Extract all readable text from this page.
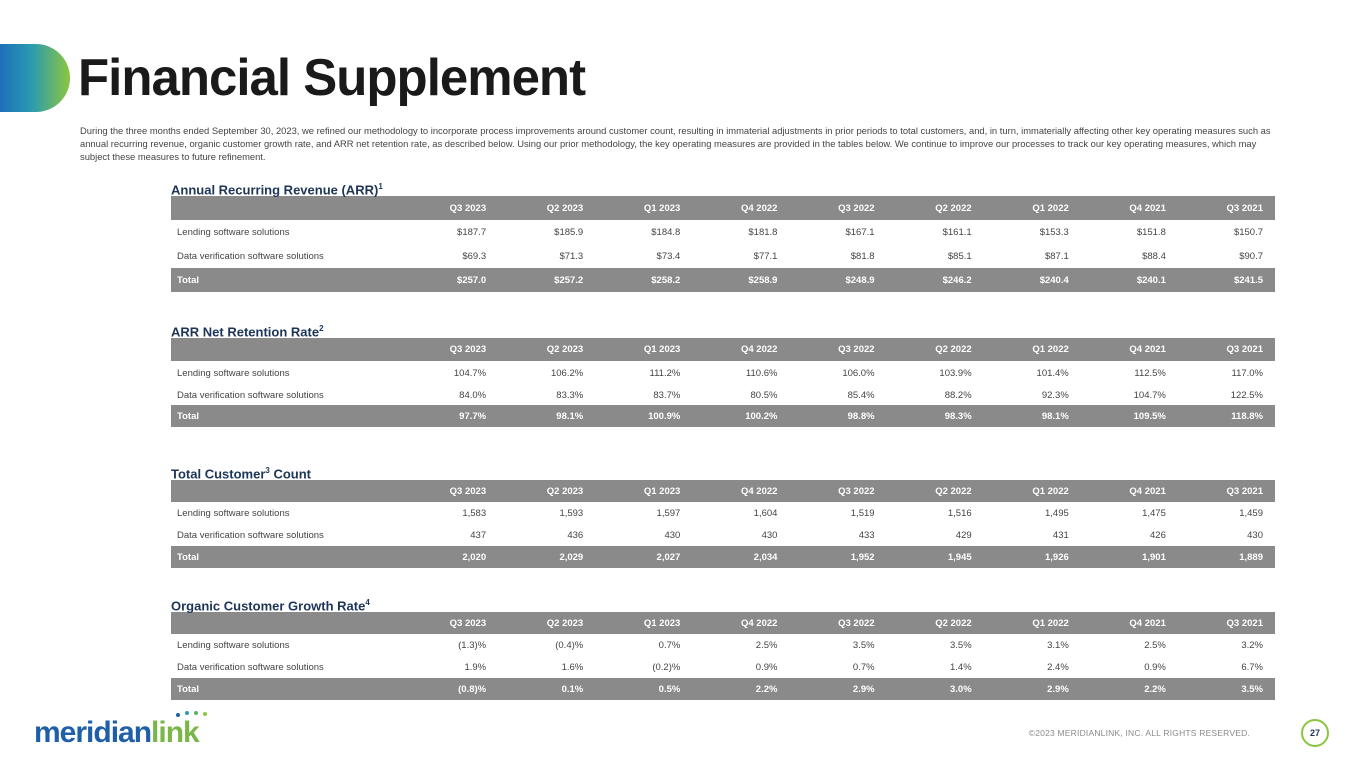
Financial Supplement
During the three months ended September 30, 2023, we refined our methodology to incorporate process improvements around customer count, resulting in immaterial adjustments in prior periods to total customers, and, in turn, immaterially affecting other key operating measures such as annual recurring revenue, organic customer growth rate, and ARR net retention rate, as described below. Using our prior methodology, the key operating measures are provided in the tables below. We continue to improve our processes to track our key operating measures, which may subject these measures to future refinement.
Annual Recurring Revenue (ARR)$^1$
	Q3 2023	Q2 2023	Q1 2023	Q4 2022	Q3 2022	Q2 2022	Q1 2022	Q4 2021	Q3 2021
Lending software solutions	$187.7	$185.9	$184.8	$181.8	$167.1	$161.1	$153.3	$151.8	$150.7
Data verification software solutions	$69.3	$71.3	$73.4	$77.1	$81.8	$85.1	$87.1	$88.4	$90.7
Total	$257.0	$257.2	$258.2	$258.9	$248.9	$246.2	$240.4	$240.1	$241.5
ARR Net Retention Rate$^2$
	Q3 2023	Q2 2023	Q1 2023	Q4 2022	Q3 2022	Q2 2022	Q1 2022	Q4 2021	Q3 2021
Lending software solutions	104.7%	106.2%	111.2%	110.6%	106.0%	103.9%	101.4%	112.5%	117.0%
Data verification software solutions	84.0%	83.3%	83.7%	80.5%	85.4%	88.2%	92.3%	104.7%	122.5%
Total	97.7%	98.1%	100.9%	100.2%	98.8%	98.3%	98.1%	109.5%	118.8%
Total Customer$^3$ Count
	Q3 2023	Q2 2023	Q1 2023	Q4 2022	Q3 2022	Q2 2022	Q1 2022	Q4 2021	Q3 2021
Lending software solutions	1,583	1,593	1,597	1,604	1,519	1,516	1,495	1,475	1,459
Data verification software solutions	437	436	430	430	433	429	431	426	430
Total	2,020	2,029	2,027	2,034	1,952	1,945	1,926	1,901	1,889
Organic Customer Growth Rate$^4$
	Q3 2023	Q2 2023	Q1 2023	Q4 2022	Q3 2022	Q2 2022	Q1 2022	Q4 2021	Q3 2021
Lending software solutions	(1.3)%	(0.4)%	0.7%	2.5%	3.5%	3.5%	3.1%	2.5%	3.2%
Data verification software solutions	1.9%	1.6%	(0.2)%	0.9%	0.7%	1.4%	2.4%	0.9%	6.7%
Total	(0.8)%	0.1%	0.5%	2.2%	2.9%	3.0%	2.9%	2.2%	3.5%
meridianlink	©2023 MERIDIANLINK, INC. ALL RIGHTS RESERVED.	27
